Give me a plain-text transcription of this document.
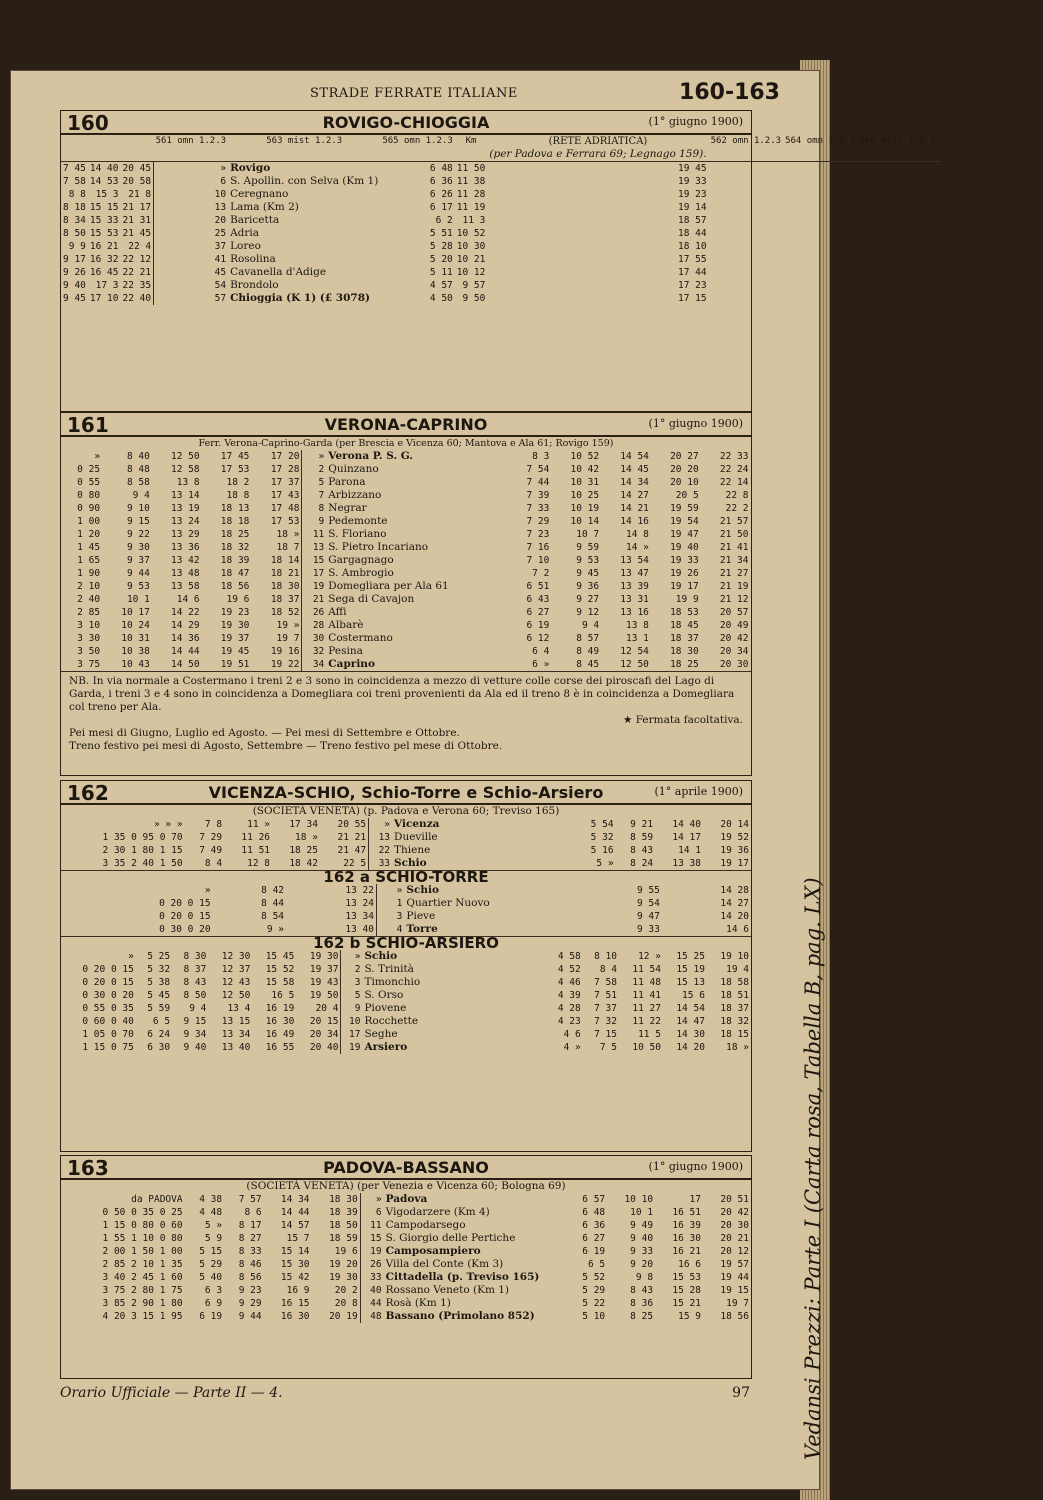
STRADE FERRATE ITALIANE	160-163
160	ROVIGO-CHIOGGIA	(1° giugno 1900)
			561 omn 1.2.3	563 mist 1.2.3	565 omn 1.2.3	Km	(RETE ADRIATICA)
(per Padova e Ferrara 69; Legnago 159).	562 omn 1.2.3	564 omn 1.2.3	566 mist 1.2.3	
7 45	14 40	20 45	»	Rovigo	6 48	11 50	19 45				
7 58	14 53	20 58	6	S. Apollin. con Selva (Km 1)	6 36	11 38	19 33				
8 8	15 3	21 8	10	Ceregnano	6 26	11 28	19 23				
8 18	15 15	21 17	13	Lama (Km 2)	6 17	11 19	19 14				
8 34	15 33	21 31	20	Baricetta	6 2	11 3	18 57				
8 50	15 53	21 45	25	Adria	5 51	10 52	18 44				
9 9	16 21	22 4	37	Loreo	5 28	10 30	18 10				
9 17	16 32	22 12	41	Rosolina	5 20	10 21	17 55				
9 26	16 45	22 21	45	Cavanella d'Adige	5 11	10 12	17 44				
9 40	17 3	22 35	54	Brondolo	4 57	9 57	17 23				
9 45	17 10	22 40	57	Chioggia (K 1) (£ 3078)	4 50	9 50	17 15				
161	VERONA-CAPRINO	(1° giugno 1900)
Ferr. Verona-Caprino-Garda (per Brescia e Vicenza 60; Mantova e Ala 61; Rovigo 159)
»	8 40	12 50	17 45	17 20	»	Verona P. S. G.	8 3	10 52	14 54	20 27	22 33
0 25	8 48	12 58	17 53	17 28	2	Quinzano	7 54	10 42	14 45	20 20	22 24
0 55	8 58	13 8	18 2	17 37	5	Parona	7 44	10 31	14 34	20 10	22 14
0 80	9 4	13 14	18 8	17 43	7	Arbizzano	7 39	10 25	14 27	20 5	22 8
0 90	9 10	13 19	18 13	17 48	8	Negrar	7 33	10 19	14 21	19 59	22 2
1 00	9 15	13 24	18 18	17 53	9	Pedemonte	7 29	10 14	14 16	19 54	21 57
1 20	9 22	13 29	18 25	18 »	11	S. Floriano	7 23	10 7	14 8	19 47	21 50
1 45	9 30	13 36	18 32	18 7	13	S. Pietro Incariano	7 16	9 59	14 »	19 40	21 41
1 65	9 37	13 42	18 39	18 14	15	Gargagnago	7 10	9 53	13 54	19 33	21 34
1 90	9 44	13 48	18 47	18 21	17	S. Ambrogio	7 2	9 45	13 47	19 26	21 27
2 10	9 53	13 58	18 56	18 30	19	Domegliara per Ala 61	6 51	9 36	13 39	19 17	21 19
2 40	10 1	14 6	19 6	18 37	21	Sega di Cavajon	6 43	9 27	13 31	19 9	21 12
2 85	10 17	14 22	19 23	18 52	26	Affi	6 27	9 12	13 16	18 53	20 57
3 10	10 24	14 29	19 30	19 »	28	Albarè	6 19	9 4	13 8	18 45	20 49
3 30	10 31	14 36	19 37	19 7	30	Costermano	6 12	8 57	13 1	18 37	20 42
3 50	10 38	14 44	19 45	19 16	32	Pesina	6 4	8 49	12 54	18 30	20 34
3 75	10 43	14 50	19 51	19 22	34	Caprino	6 »	8 45	12 50	18 25	20 30
NB. In via normale a Costermano i treni 2 e 3 sono in coincidenza a mezzo di vetture colle corse dei piroscafi del Lago di Garda, i treni 3 e 4 sono in coincidenza a Domegliara coi treni provenienti da Ala ed il treno 8 è in coincidenza a Domegliara col treno per Ala.
★ Fermata facoltativa.
Pei mesi di Giugno, Luglio ed Agosto. — Pei mesi di Settembre e Ottobre.
Treno festivo pei mesi di Agosto, Settembre — Treno festivo pel mese di Ottobre.
162	VICENZA-SCHIO, Schio-Torre e Schio-Arsiero	(1° aprile 1900)
(SOCIETÀ VENETA) (p. Padova e Verona 60; Treviso 165)
» » »	7 8	11 »	17 34	20 55	»	Vicenza	5 54	9 21	14 40	20 14
1 35 0 95 0 70	7 29	11 26	18 »	21 21	13	Dueville	5 32	8 59	14 17	19 52
2 30 1 80 1 15	7 49	11 51	18 25	21 47	22	Thiene	5 16	8 43	14 1	19 36
3 35 2 40 1 50	8 4	12 8	18 42	22 5	33	Schio	5 »	8 24	13 38	19 17
162 a SCHIO-TORRE
»	8 42	13 22	»	Schio	9 55	14 28
0 20 0 15	8 44	13 24	1	Quartier Nuovo	9 54	14 27
0 20 0 15	8 54	13 34	3	Pieve	9 47	14 20
0 30 0 20	9 »	13 40	4	Torre	9 33	14 6
162 b SCHIO-ARSIERO
»	5 25	8 30	12 30	15 45	19 30	»	Schio	4 58	8 10	12 »	15 25	19 10
0 20 0 15	5 32	8 37	12 37	15 52	19 37	2	S. Trinità	4 52	8 4	11 54	15 19	19 4
0 20 0 15	5 38	8 43	12 43	15 58	19 43	3	Timonchio	4 46	7 58	11 48	15 13	18 58
0 30 0 20	5 45	8 50	12 50	16 5	19 50	5	S. Orso	4 39	7 51	11 41	15 6	18 51
0 55 0 35	5 59	9 4	13 4	16 19	20 4	9	Piovene	4 28	7 37	11 27	14 54	18 37
0 60 0 40	6 5	9 15	13 15	16 30	20 15	10	Rocchette	4 23	7 32	11 22	14 47	18 32
1 05 0 70	6 24	9 34	13 34	16 49	20 34	17	Seghe	4 6	7 15	11 5	14 30	18 15
1 15 0 75	6 30	9 40	13 40	16 55	20 40	19	Arsiero	4 »	7 5	10 50	14 20	18 »
163	PADOVA-BASSANO	(1° giugno 1900)
(SOCIETÀ VENETA) (per Venezia e Vicenza 60; Bologna 69)
da PADOVA	4 38	7 57	14 34	18 30	»	Padova	6 57	10 10	17	20 51
0 50 0 35 0 25	4 48	8 6	14 44	18 39	6	Vigodarzere (Km 4)	6 48	10 1	16 51	20 42
1 15 0 80 0 60	5 »	8 17	14 57	18 50	11	Campodarsego	6 36	9 49	16 39	20 30
1 55 1 10 0 80	5 9	8 27	15 7	18 59	15	S. Giorgio delle Pertiche	6 27	9 40	16 30	20 21
2 00 1 50 1 00	5 15	8 33	15 14	19 6	19	Camposampiero	6 19	9 33	16 21	20 12
2 85 2 10 1 35	5 29	8 46	15 30	19 20	26	Villa del Conte (Km 3)	6 5	9 20	16 6	19 57
3 40 2 45 1 60	5 40	8 56	15 42	19 30	33	Cittadella (p. Treviso 165)	5 52	9 8	15 53	19 44
3 75 2 80 1 75	6 3	9 23	16 9	20 2	40	Rossano Veneto (Km 1)	5 29	8 43	15 28	19 15
3 85 2 90 1 80	6 9	9 29	16 15	20 8	44	Rosà (Km 1)	5 22	8 36	15 21	19 7
4 20 3 15 1 95	6 19	9 44	16 30	20 19	48	Bassano (Primolano 852)	5 10	8 25	15 9	18 56 Vedansi Prezzi: Parte I (Carta rosa, Tabella B, pag. LX)
Orario Ufficiale — Parte II — 4.	97
